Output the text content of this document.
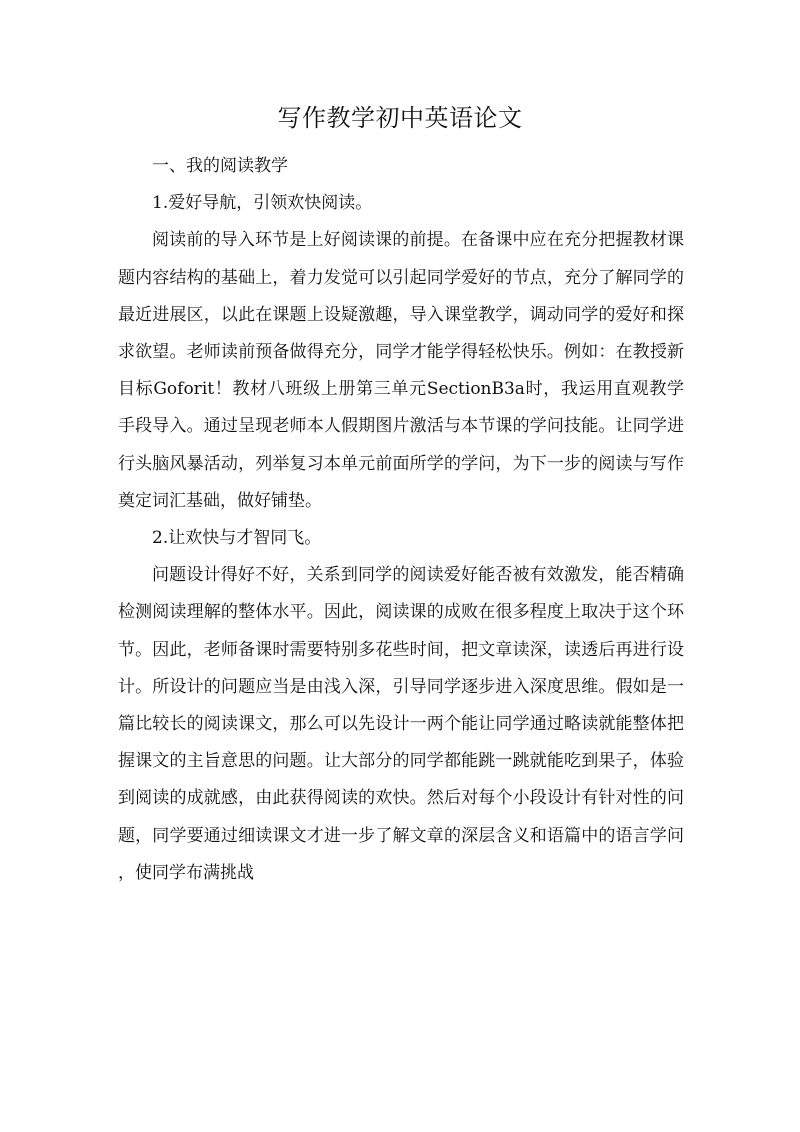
写作教学初中英语论文

一、我的阅读教学

1.爱好导航，引领欢快阅读。

阅读前的导入环节是上好阅读课的前提。在备课中应在充分把握教材课题内容结构的基础上，着力发觉可以引起同学爱好的节点，充分了解同学的最近进展区，以此在课题上设疑激趣，导入课堂教学，调动同学的爱好和探求欲望。老师读前预备做得充分，同学才能学得轻松快乐。例如：在教授新目标Goforit！教材八班级上册第三单元SectionB3a时，我运用直观教学手段导入。通过呈现老师本人假期图片激活与本节课的学问技能。让同学进行头脑风暴活动，列举复习本单元前面所学的学问，为下一步的阅读与写作奠定词汇基础，做好铺垫。

2.让欢快与才智同飞。

问题设计得好不好，关系到同学的阅读爱好能否被有效激发，能否精确检测阅读理解的整体水平。因此，阅读课的成败在很多程度上取决于这个环节。因此，老师备课时需要特别多花些时间，把文章读深，读透后再进行设计。所设计的问题应当是由浅入深，引导同学逐步进入深度思维。假如是一篇比较长的阅读课文，那么可以先设计一两个能让同学通过略读就能整体把握课文的主旨意思的问题。让大部分的同学都能跳一跳就能吃到果子，体验到阅读的成就感，由此获得阅读的欢快。然后对每个小段设计有针对性的问题，同学要通过细读课文才进一步了解文章的深层含义和语篇中的语言学问，使同学布满挑战
